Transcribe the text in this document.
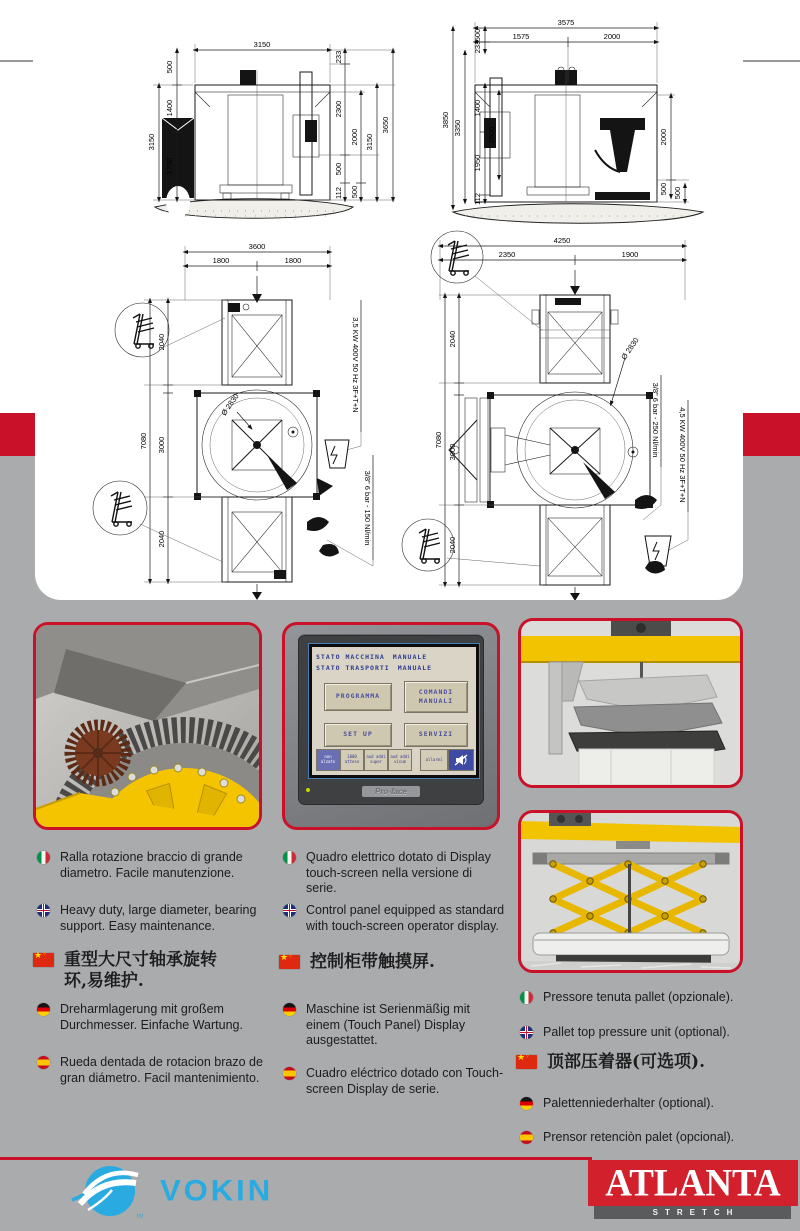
3150
500
1400
1750
3150
233
2300
500
112
2000
500
3150
3650
3575
1575	2000
3850 3350
500
233
1400
1950
112
2500	2000
500 500
3600
1800	1800
2040
3000
2040
7080
Ø 2830	3,5 KW 400V 50 Hz 3F+T+N
3/8" 6 bar - 150 Nl/min
4250
2350	1900
2040
3000
2040
7080
Ø 2830
3/8" 6 bar - 250 Nl/min 4,5 KW 400V 50 Hz 3F+T+N
STATO MACCHINA MANUALE
STATO TRASPORTI MANUALE
PROGRAMMA
COMANDI MANUALI
SET UP	SERVIZI
non alzato
1000 atteso
aud addi super
aud addi visum	allarmi
Pro-face

Ralla rotazione braccio di grande diametro. Facile manutenzione.

Heavy duty, large diameter, bearing support. Easy maintenance.

★ ⁘

重型大尺寸轴承旋转环,易维护.

Dreharmlagerung mit großem Durchmesser. Einfache Wartung.

Rueda dentada de rotacion brazo de gran diámetro. Facil mantenimiento.

Quadro elettrico dotato di Display touch-screen nella versione di serie.

Control panel equipped as standard with touch-screen operator display.

★ ⁘

控制柜带触摸屏.

Maschine ist Serienmäßig mit einem (Touch Panel) Display ausgestattet.

Cuadro eléctrico dotado con Touch-screen Display de serie.

Pressore tenuta pallet (opzionale).

Pallet top pressure unit (optional).

★ ⁘

顶部压着器(可选项).

Palettenniederhalter (optional).

Prensor retenciòn palet (opcional).

VOKIN
TM
ATLANTA
STRETCH
